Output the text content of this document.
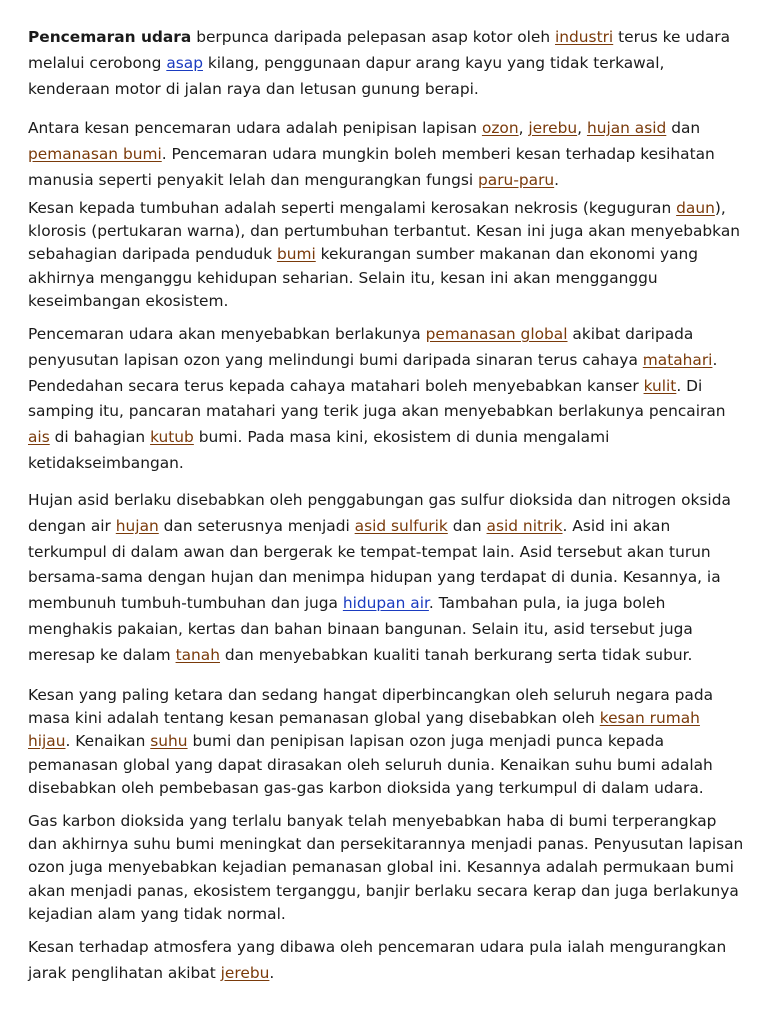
Pencemaran udara berpunca daripada pelepasan asap kotor oleh industri terus ke udara melalui cerobong asap kilang, penggunaan dapur arang kayu yang tidak terkawal, kenderaan motor di jalan raya dan letusan gunung berapi.

Antara kesan pencemaran udara adalah penipisan lapisan ozon, jerebu, hujan asid dan pemanasan bumi. Pencemaran udara mungkin boleh memberi kesan terhadap kesihatan manusia seperti penyakit lelah dan mengurangkan fungsi paru-paru.

Kesan kepada tumbuhan adalah seperti mengalami kerosakan nekrosis (keguguran daun), klorosis (pertukaran warna), dan pertumbuhan terbantut. Kesan ini juga akan menyebabkan sebahagian daripada penduduk bumi kekurangan sumber makanan dan ekonomi yang akhirnya menganggu kehidupan seharian. Selain itu, kesan ini akan mengganggu keseimbangan ekosistem.

Pencemaran udara akan menyebabkan berlakunya pemanasan global akibat daripada penyusutan lapisan ozon yang melindungi bumi daripada sinaran terus cahaya matahari. Pendedahan secara terus kepada cahaya matahari boleh menyebabkan kanser kulit. Di samping itu, pancaran matahari yang terik juga akan menyebabkan berlakunya pencairan ais di bahagian kutub bumi. Pada masa kini, ekosistem di dunia mengalami ketidakseimbangan.

Hujan asid berlaku disebabkan oleh penggabungan gas sulfur dioksida dan nitrogen oksida dengan air hujan dan seterusnya menjadi asid sulfurik dan asid nitrik. Asid ini akan terkumpul di dalam awan dan bergerak ke tempat-tempat lain. Asid tersebut akan turun bersama-sama dengan hujan dan menimpa hidupan yang terdapat di dunia. Kesannya, ia membunuh tumbuh-tumbuhan dan juga hidupan air. Tambahan pula, ia juga boleh menghakis pakaian, kertas dan bahan binaan bangunan. Selain itu, asid tersebut juga meresap ke dalam tanah dan menyebabkan kualiti tanah berkurang serta tidak subur.

Kesan yang paling ketara dan sedang hangat diperbincangkan oleh seluruh negara pada masa kini adalah tentang kesan pemanasan global yang disebabkan oleh kesan rumah hijau. Kenaikan suhu bumi dan penipisan lapisan ozon juga menjadi punca kepada pemanasan global yang dapat dirasakan oleh seluruh dunia. Kenaikan suhu bumi adalah disebabkan oleh pembebasan gas-gas karbon dioksida yang terkumpul di dalam udara.

Gas karbon dioksida yang terlalu banyak telah menyebabkan haba di bumi terperangkap dan akhirnya suhu bumi meningkat dan persekitarannya menjadi panas. Penyusutan lapisan ozon juga menyebabkan kejadian pemanasan global ini. Kesannya adalah permukaan bumi akan menjadi panas, ekosistem terganggu, banjir berlaku secara kerap dan juga berlakunya kejadian alam yang tidak normal.

Kesan terhadap atmosfera yang dibawa oleh pencemaran udara pula ialah mengurangkan jarak penglihatan akibat jerebu.
